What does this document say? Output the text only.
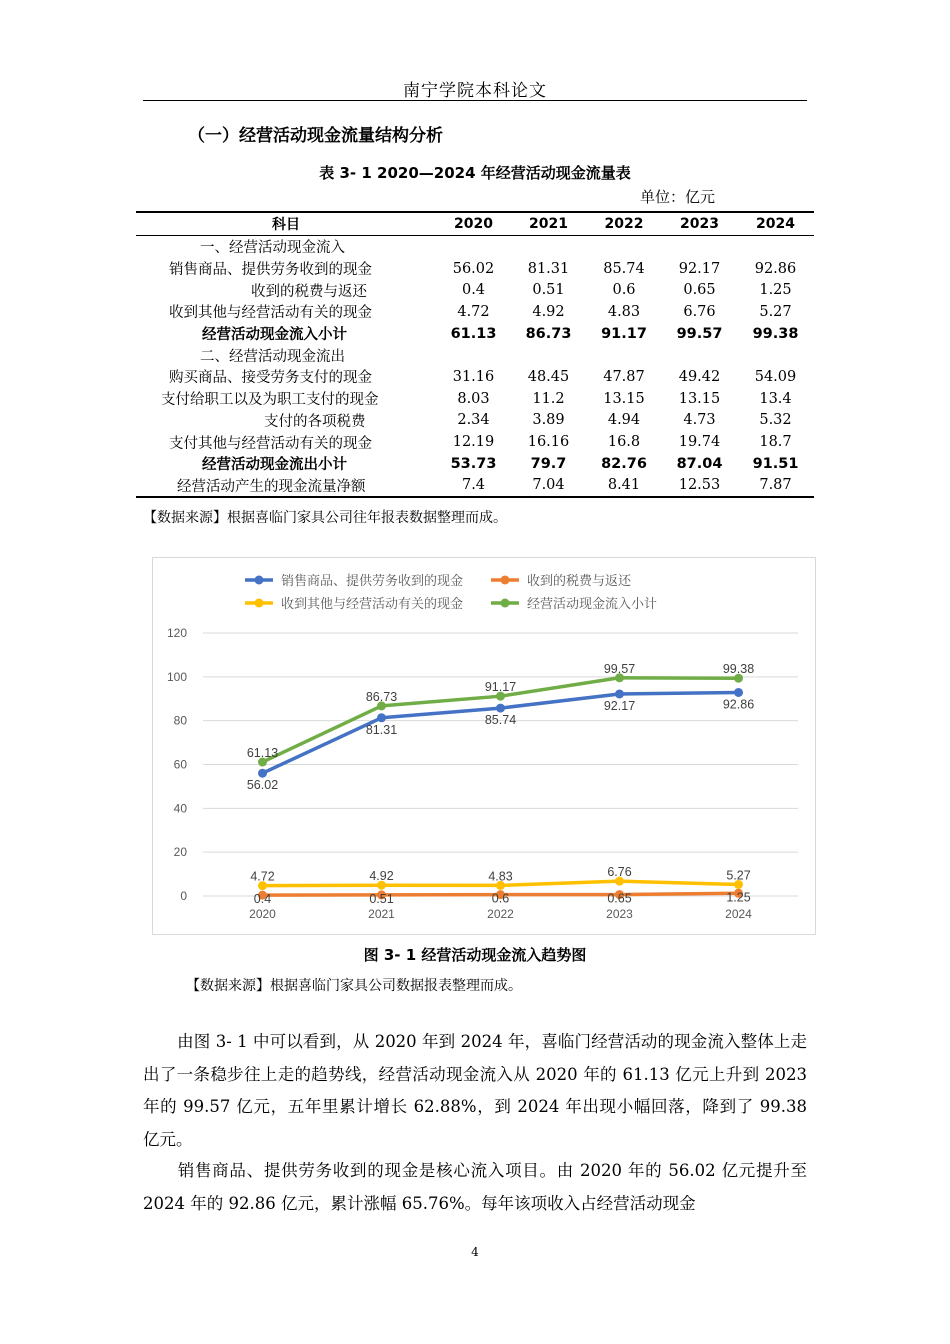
南宁学院本科论文
（一）经营活动现金流量结构分析
表 3- 1 2020—2024 年经营活动现金流量表
单位：亿元
科目	2020	2021	2022	2023	2024
一、经营活动现金流入					
销售商品、提供劳务收到的现金	56.02	81.31	85.74	92.17	92.86
收到的税费与返还	0.4	0.51	0.6	0.65	1.25
收到其他与经营活动有关的现金	4.72	4.92	4.83	6.76	5.27
经营活动现金流入小计	61.13	86.73	91.17	99.57	99.38
二、经营活动现金流出					
购买商品、接受劳务支付的现金	31.16	48.45	47.87	49.42	54.09
支付给职工以及为职工支付的现金	8.03	11.2	13.15	13.15	13.4
支付的各项税费	2.34	3.89	4.94	4.73	5.32
支付其他与经营活动有关的现金	12.19	16.16	16.8	19.74	18.7
经营活动现金流出小计	53.73	79.7	82.76	87.04	91.51
经营活动产生的现金流量净额	7.4	7.04	8.41	12.53	7.87
【数据来源】根据喜临门家具公司往年报表数据整理而成。
0
20
40
60
80
100
120
2020	2021	2022	2023	2024
56.02
81.31
85.74
92.17	92.86
0.4	0.51	0.6	0.65	1.25
4.72	4.92	4.83	6.76	5.27
61.13
86.73
91.17
99.57	99.38
销售商品、提供劳务收到的现金	收到的税费与返还
收到其他与经营活动有关的现金	经营活动现金流入小计
图 3- 1 经营活动现金流入趋势图
【数据来源】根据喜临门家具公司数据报表整理而成。

由图 3- 1 中可以看到，从 2020 年到 2024 年，喜临门经营活动的现金流入整体上走出了一条稳步往上走的趋势线，经营活动现金流入从 2020 年的 61.13 亿元上升到 2023 年的 99.57 亿元，五年里累计增长 62.88%，到 2024 年出现小幅回落，降到了 99.38 亿元。

销售商品、提供劳务收到的现金是核心流入项目。由 2020 年的 56.02 亿元提升至 2024 年的 92.86 亿元，累计涨幅 65.76%。每年该项收入占经营活动现金

4
